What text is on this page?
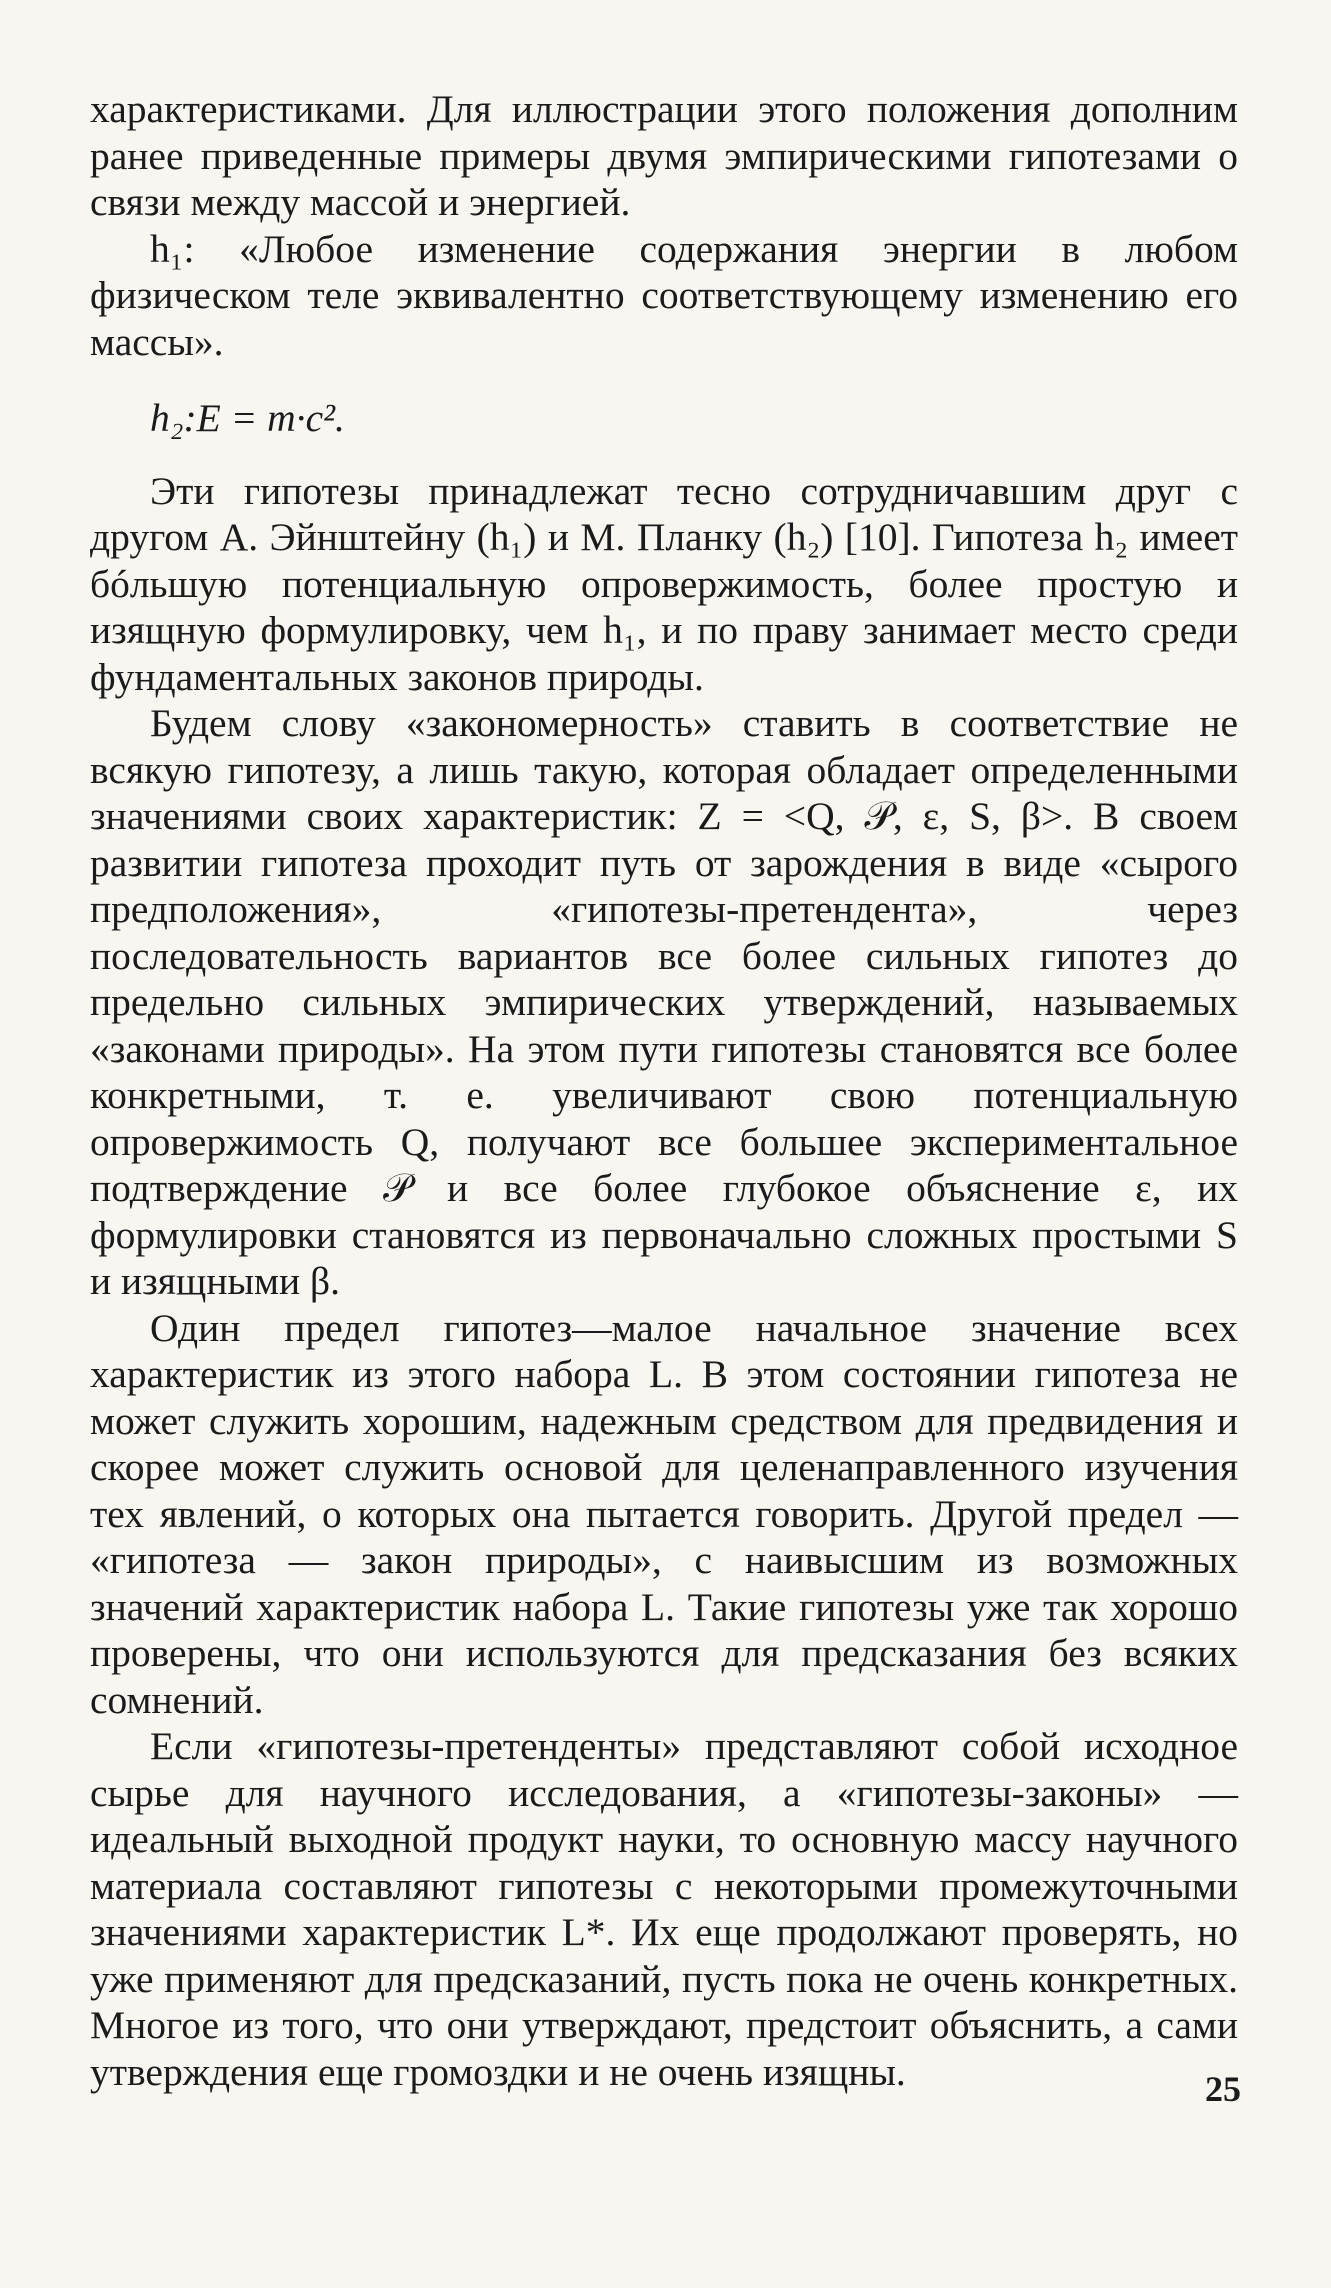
характеристиками. Для иллюстрации этого положения дополним ранее приведенные примеры двумя эмпирическими гипотезами о связи между массой и энергией.

h₁: «Любое изменение содержания энергии в любом физическом теле эквивалентно соответствующему изменению его массы».

h₂:E = m·c².

Эти гипотезы принадлежат тесно сотрудничавшим друг с другом А. Эйнштейну (h₁) и М. Планку (h₂) [10]. Гипотеза h₂ имеет бóльшую потенциальную опровержимость, более простую и изящную формулировку, чем h₁, и по праву занимает место среди фундаментальных законов природы.

Будем слову «закономерность» ставить в соответствие не всякую гипотезу, а лишь такую, которая обладает определенными значениями своих характеристик: Z = <Q, 𝒫, ε, S, β>. В своем развитии гипотеза проходит путь от зарождения в виде «сырого предположения», «гипотезы-претендента», через последовательность вариантов все более сильных гипотез до предельно сильных эмпирических утверждений, называемых «законами природы». На этом пути гипотезы становятся все более конкретными, т. е. увеличивают свою потенциальную опровержимость Q, получают все большее экспериментальное подтверждение 𝒫 и все более глубокое объяснение ε, их формулировки становятся из первоначально сложных простыми S и изящными β.

Один предел гипотез—малое начальное значение всех характеристик из этого набора L. В этом состоянии гипотеза не может служить хорошим, надежным средством для предвидения и скорее может служить основой для целенаправленного изучения тех явлений, о которых она пытается говорить. Другой предел — «гипотеза — закон природы», с наивысшим из возможных значений характеристик набора L. Такие гипотезы уже так хорошо проверены, что они используются для предсказания без всяких сомнений.

Если «гипотезы-претенденты» представляют собой исходное сырье для научного исследования, а «гипотезы-законы» — идеальный выходной продукт науки, то основную массу научного материала составляют гипотезы с некоторыми промежуточными значениями характеристик L*. Их еще продолжают проверять, но уже применяют для предсказаний, пусть пока не очень конкретных. Многое из того, что они утверждают, предстоит объяснить, а сами утверждения еще громоздки и не очень изящны.	25
